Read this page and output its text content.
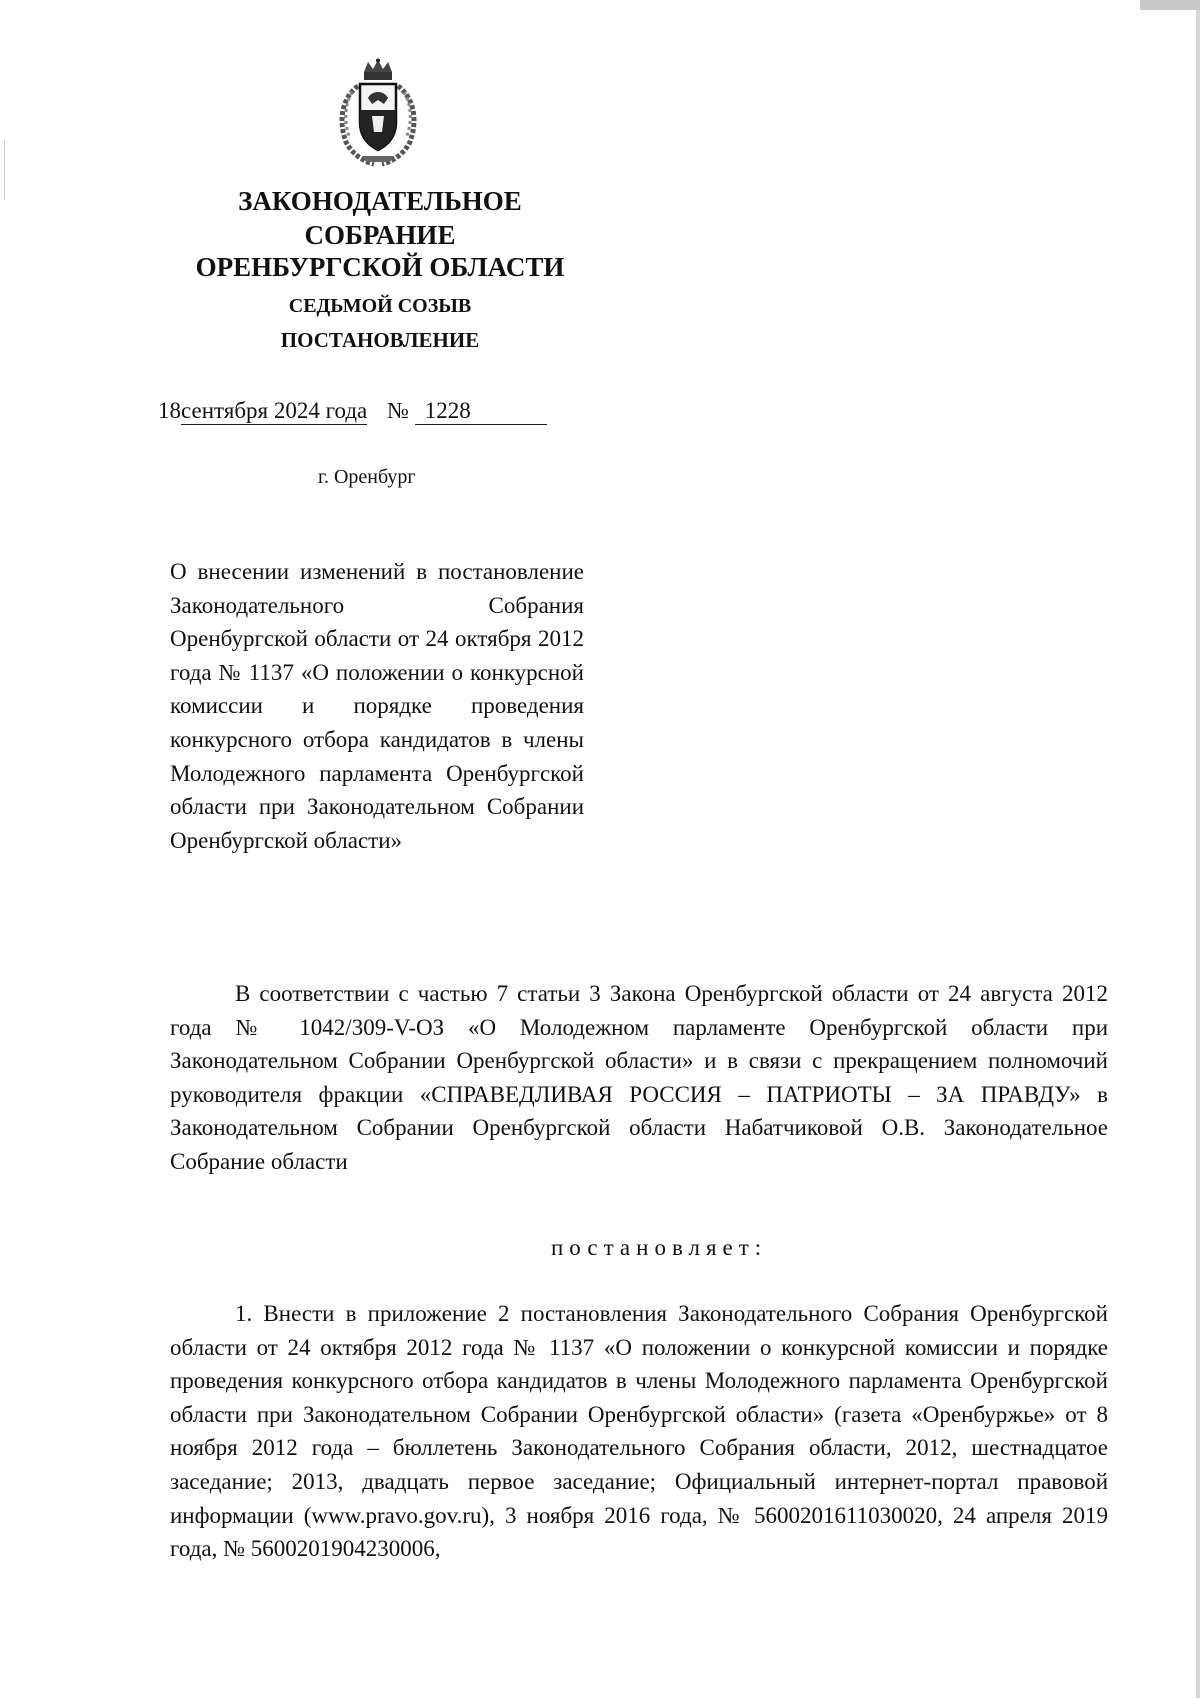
ЗАКОНОДАТЕЛЬНОЕ
СОБРАНИЕ
ОРЕНБУРГСКОЙ ОБЛАСТИ
СЕДЬМОЙ СОЗЫВ
ПОСТАНОВЛЕНИЕ
18сентября 2024 года № 1228
г. Оренбург
О внесении изменений в постановление Законодательного Собрания Оренбургской области от 24 октября 2012 года № 1137 «О положении о конкурсной комиссии и порядке проведения конкурсного отбора кандидатов в члены Молодежного парламента Оренбургской области при Законодательном Собрании Оренбургской области»
В соответствии с частью 7 статьи 3 Закона Оренбургской области от 24 августа 2012 года № 1042/309-V-ОЗ «О Молодежном парламенте Оренбургской области при Законодательном Собрании Оренбургской области» и в связи с прекращением полномочий руководителя фракции «СПРАВЕДЛИВАЯ РОССИЯ – ПАТРИОТЫ – ЗА ПРАВДУ» в Законодательном Собрании Оренбургской области Набатчиковой О.В. Законодательное Собрание области
постановляет:
1. Внести в приложение 2 постановления Законодательного Собрания Оренбургской области от 24 октября 2012 года № 1137 «О положении о конкурсной комиссии и порядке проведения конкурсного отбора кандидатов в члены Молодежного парламента Оренбургской области при Законодательном Собрании Оренбургской области» (газета «Оренбуржье» от 8 ноября 2012 года – бюллетень Законодательного Собрания области, 2012, шестнадцатое заседание; 2013, двадцать первое заседание; Официальный интернет-портал правовой информации (www.pravo.gov.ru), 3 ноября 2016 года, № 5600201611030020, 24 апреля 2019 года, № 5600201904230006,
